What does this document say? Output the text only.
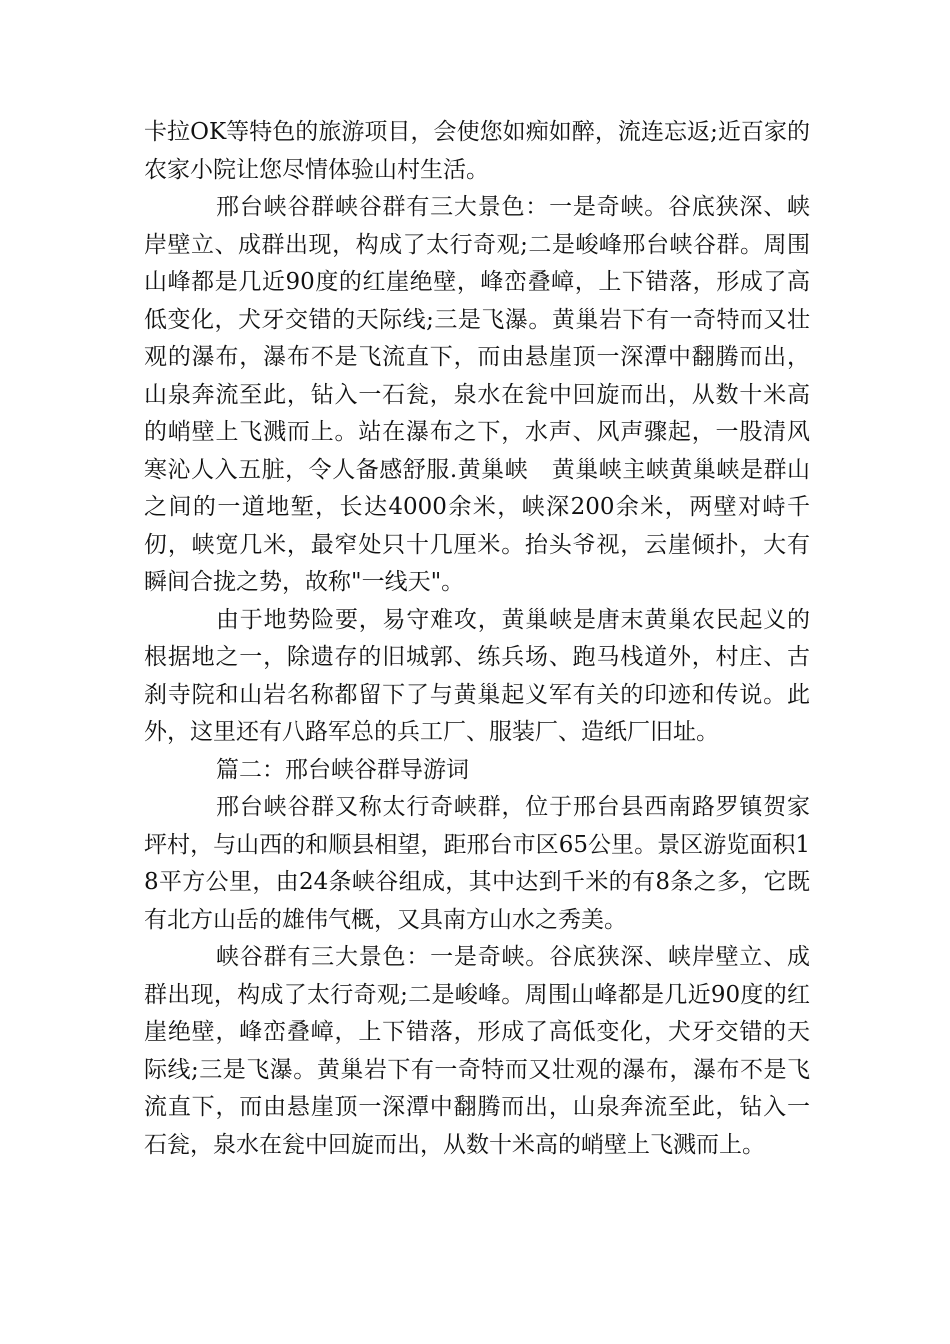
卡拉OK等特色的旅游项目，会使您如痴如醉，流连忘返;近百家的农家小院让您尽情体验山村生活。

邢台峡谷群峡谷群有三大景色：一是奇峡。谷底狭深、峡岸壁立、成群出现，构成了太行奇观;二是峻峰邢台峡谷群。周围山峰都是几近90度的红崖绝壁，峰峦叠嶂，上下错落，形成了高低变化，犬牙交错的天际线;三是飞瀑。黄巢岩下有一奇特而又壮观的瀑布，瀑布不是飞流直下，而由悬崖顶一深潭中翻腾而出，山泉奔流至此，钻入一石瓮，泉水在瓮中回旋而出，从数十米高的峭壁上飞溅而上。站在瀑布之下，水声、风声骤起，一股清风寒沁人入五脏，令人备感舒服.黄巢峡　黄巢峡主峡黄巢峡是群山之间的一道地堑，长达4000余米，峡深200余米，两壁对峙千仞，峡宽几米，最窄处只十几厘米。抬头爷视，云崖倾扑，大有瞬间合拢之势，故称"一线天"。

由于地势险要，易守难攻，黄巢峡是唐末黄巢农民起义的根据地之一，除遗存的旧城郭、练兵场、跑马栈道外，村庄、古刹寺院和山岩名称都留下了与黄巢起义军有关的印迹和传说。此外，这里还有八路军总的兵工厂、服装厂、造纸厂旧址。

篇二：邢台峡谷群导游词

邢台峡谷群又称太行奇峡群，位于邢台县西南路罗镇贺家坪村，与山西的和顺县相望，距邢台市区65公里。景区游览面积18平方公里，由24条峡谷组成，其中达到千米的有8条之多，它既有北方山岳的雄伟气概，又具南方山水之秀美。

峡谷群有三大景色：一是奇峡。谷底狭深、峡岸壁立、成群出现，构成了太行奇观;二是峻峰。周围山峰都是几近90度的红崖绝壁，峰峦叠嶂，上下错落，形成了高低变化，犬牙交错的天际线;三是飞瀑。黄巢岩下有一奇特而又壮观的瀑布，瀑布不是飞流直下，而由悬崖顶一深潭中翻腾而出，山泉奔流至此，钻入一石瓮，泉水在瓮中回旋而出，从数十米高的峭壁上飞溅而上。
